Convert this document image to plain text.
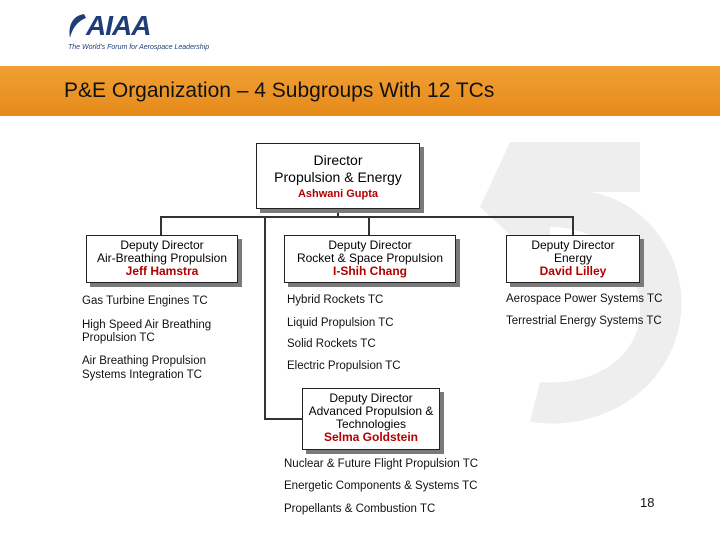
AIAA
The World's Forum for Aerospace Leadership
P&E Organization – 4 Subgroups With 12 TCs
Director
Propulsion & Energy
Ashwani Gupta
Deputy Director
Air-Breathing Propulsion
Jeff Hamstra
Deputy Director
Rocket & Space Propulsion
I-Shih Chang
Deputy Director
Energy
David Lilley
Deputy Director
Advanced Propulsion &
Technologies
Selma Goldstein
Gas Turbine Engines TC
High Speed Air Breathing
Propulsion TC
Air Breathing Propulsion
Systems Integration TC
Hybrid Rockets TC
Liquid Propulsion TC
Solid Rockets TC
Electric Propulsion TC
Aerospace Power Systems TC
Terrestrial Energy Systems TC
Nuclear & Future Flight Propulsion TC
Energetic Components & Systems TC
Propellants & Combustion TC	18
